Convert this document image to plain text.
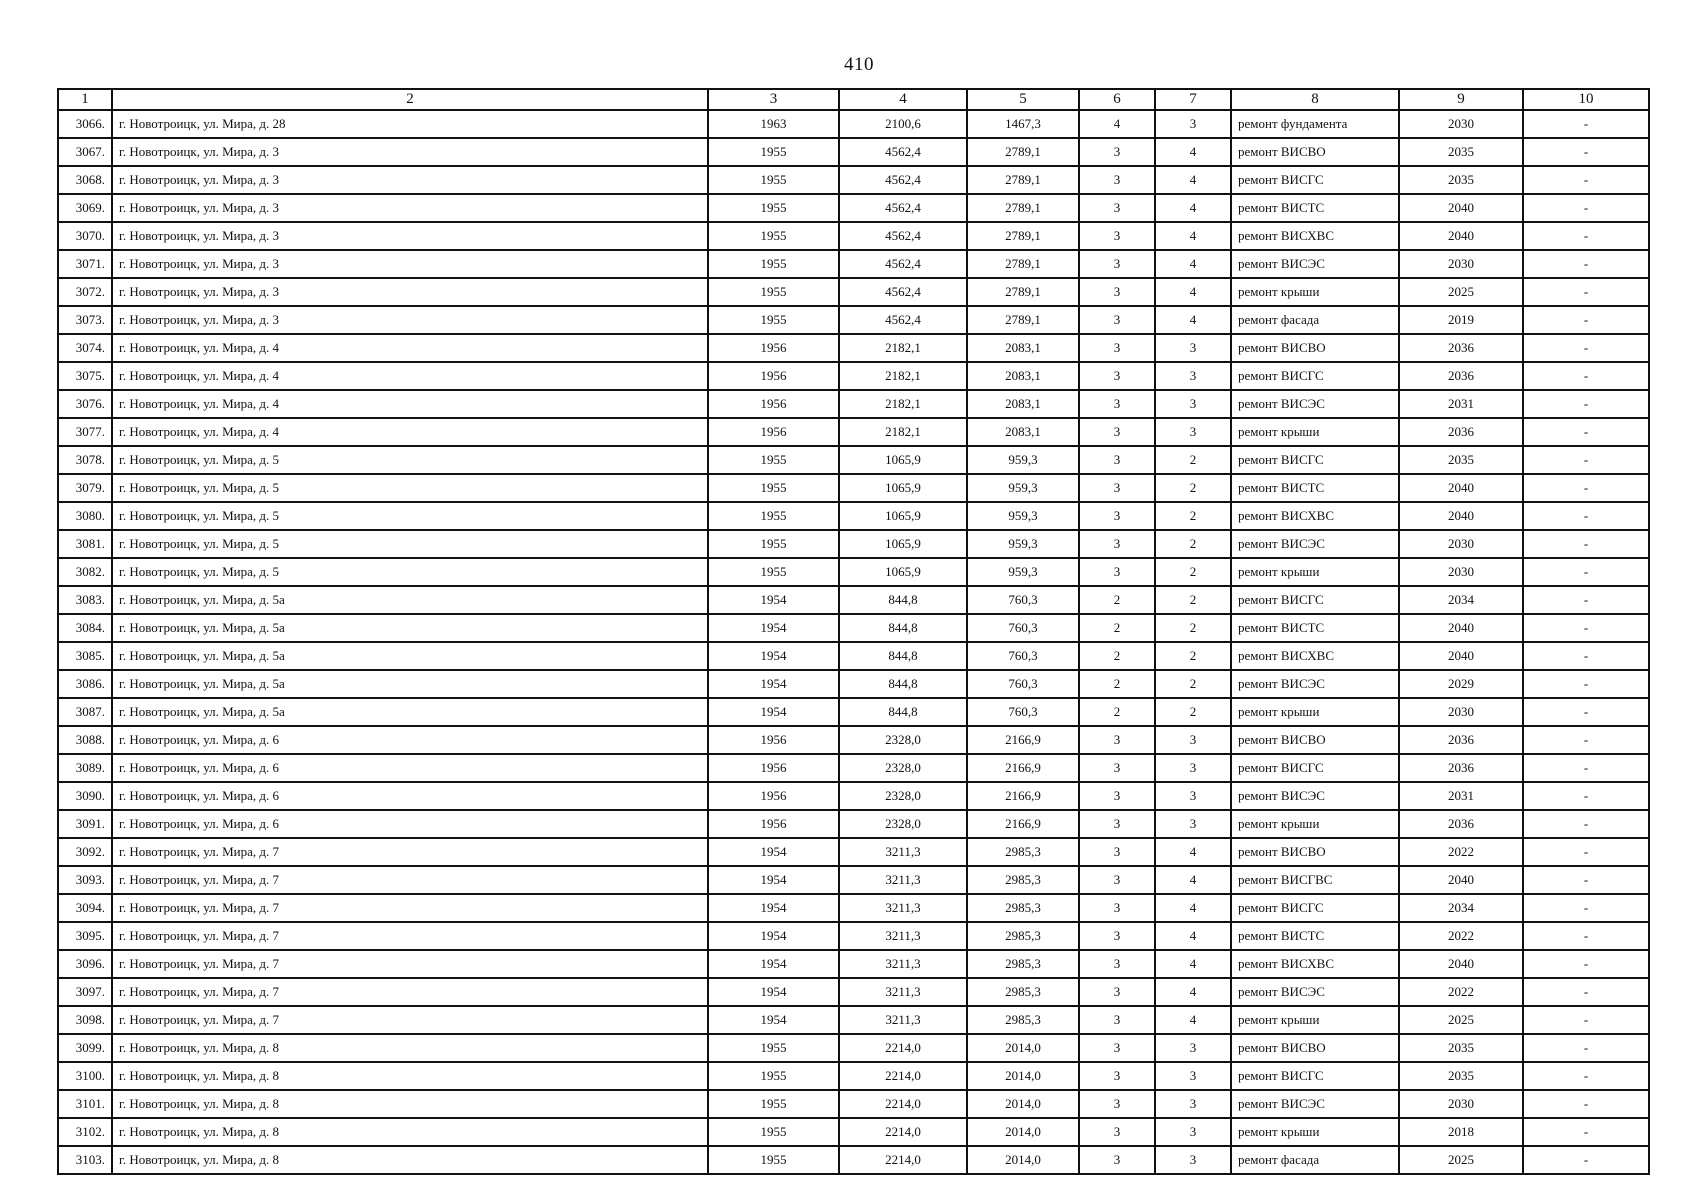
410
1	2	3	4	5	6	7	8	9	10
3066.	г. Новотроицк, ул. Мира, д. 28	1963	2100,6	1467,3	4	3	ремонт фундамента	2030	-
3067.	г. Новотроицк, ул. Мира, д. 3	1955	4562,4	2789,1	3	4	ремонт ВИСВО	2035	-
3068.	г. Новотроицк, ул. Мира, д. 3	1955	4562,4	2789,1	3	4	ремонт ВИСГС	2035	-
3069.	г. Новотроицк, ул. Мира, д. 3	1955	4562,4	2789,1	3	4	ремонт ВИСТС	2040	-
3070.	г. Новотроицк, ул. Мира, д. 3	1955	4562,4	2789,1	3	4	ремонт ВИСХВС	2040	-
3071.	г. Новотроицк, ул. Мира, д. 3	1955	4562,4	2789,1	3	4	ремонт ВИСЭС	2030	-
3072.	г. Новотроицк, ул. Мира, д. 3	1955	4562,4	2789,1	3	4	ремонт крыши	2025	-
3073.	г. Новотроицк, ул. Мира, д. 3	1955	4562,4	2789,1	3	4	ремонт фасада	2019	-
3074.	г. Новотроицк, ул. Мира, д. 4	1956	2182,1	2083,1	3	3	ремонт ВИСВО	2036	-
3075.	г. Новотроицк, ул. Мира, д. 4	1956	2182,1	2083,1	3	3	ремонт ВИСГС	2036	-
3076.	г. Новотроицк, ул. Мира, д. 4	1956	2182,1	2083,1	3	3	ремонт ВИСЭС	2031	-
3077.	г. Новотроицк, ул. Мира, д. 4	1956	2182,1	2083,1	3	3	ремонт крыши	2036	-
3078.	г. Новотроицк, ул. Мира, д. 5	1955	1065,9	959,3	3	2	ремонт ВИСГС	2035	-
3079.	г. Новотроицк, ул. Мира, д. 5	1955	1065,9	959,3	3	2	ремонт ВИСТС	2040	-
3080.	г. Новотроицк, ул. Мира, д. 5	1955	1065,9	959,3	3	2	ремонт ВИСХВС	2040	-
3081.	г. Новотроицк, ул. Мира, д. 5	1955	1065,9	959,3	3	2	ремонт ВИСЭС	2030	-
3082.	г. Новотроицк, ул. Мира, д. 5	1955	1065,9	959,3	3	2	ремонт крыши	2030	-
3083.	г. Новотроицк, ул. Мира, д. 5а	1954	844,8	760,3	2	2	ремонт ВИСГС	2034	-
3084.	г. Новотроицк, ул. Мира, д. 5а	1954	844,8	760,3	2	2	ремонт ВИСТС	2040	-
3085.	г. Новотроицк, ул. Мира, д. 5а	1954	844,8	760,3	2	2	ремонт ВИСХВС	2040	-
3086.	г. Новотроицк, ул. Мира, д. 5а	1954	844,8	760,3	2	2	ремонт ВИСЭС	2029	-
3087.	г. Новотроицк, ул. Мира, д. 5а	1954	844,8	760,3	2	2	ремонт крыши	2030	-
3088.	г. Новотроицк, ул. Мира, д. 6	1956	2328,0	2166,9	3	3	ремонт ВИСВО	2036	-
3089.	г. Новотроицк, ул. Мира, д. 6	1956	2328,0	2166,9	3	3	ремонт ВИСГС	2036	-
3090.	г. Новотроицк, ул. Мира, д. 6	1956	2328,0	2166,9	3	3	ремонт ВИСЭС	2031	-
3091.	г. Новотроицк, ул. Мира, д. 6	1956	2328,0	2166,9	3	3	ремонт крыши	2036	-
3092.	г. Новотроицк, ул. Мира, д. 7	1954	3211,3	2985,3	3	4	ремонт ВИСВО	2022	-
3093.	г. Новотроицк, ул. Мира, д. 7	1954	3211,3	2985,3	3	4	ремонт ВИСГВС	2040	-
3094.	г. Новотроицк, ул. Мира, д. 7	1954	3211,3	2985,3	3	4	ремонт ВИСГС	2034	-
3095.	г. Новотроицк, ул. Мира, д. 7	1954	3211,3	2985,3	3	4	ремонт ВИСТС	2022	-
3096.	г. Новотроицк, ул. Мира, д. 7	1954	3211,3	2985,3	3	4	ремонт ВИСХВС	2040	-
3097.	г. Новотроицк, ул. Мира, д. 7	1954	3211,3	2985,3	3	4	ремонт ВИСЭС	2022	-
3098.	г. Новотроицк, ул. Мира, д. 7	1954	3211,3	2985,3	3	4	ремонт крыши	2025	-
3099.	г. Новотроицк, ул. Мира, д. 8	1955	2214,0	2014,0	3	3	ремонт ВИСВО	2035	-
3100.	г. Новотроицк, ул. Мира, д. 8	1955	2214,0	2014,0	3	3	ремонт ВИСГС	2035	-
3101.	г. Новотроицк, ул. Мира, д. 8	1955	2214,0	2014,0	3	3	ремонт ВИСЭС	2030	-
3102.	г. Новотроицк, ул. Мира, д. 8	1955	2214,0	2014,0	3	3	ремонт крыши	2018	-
3103.	г. Новотроицк, ул. Мира, д. 8	1955	2214,0	2014,0	3	3	ремонт фасада	2025	-
